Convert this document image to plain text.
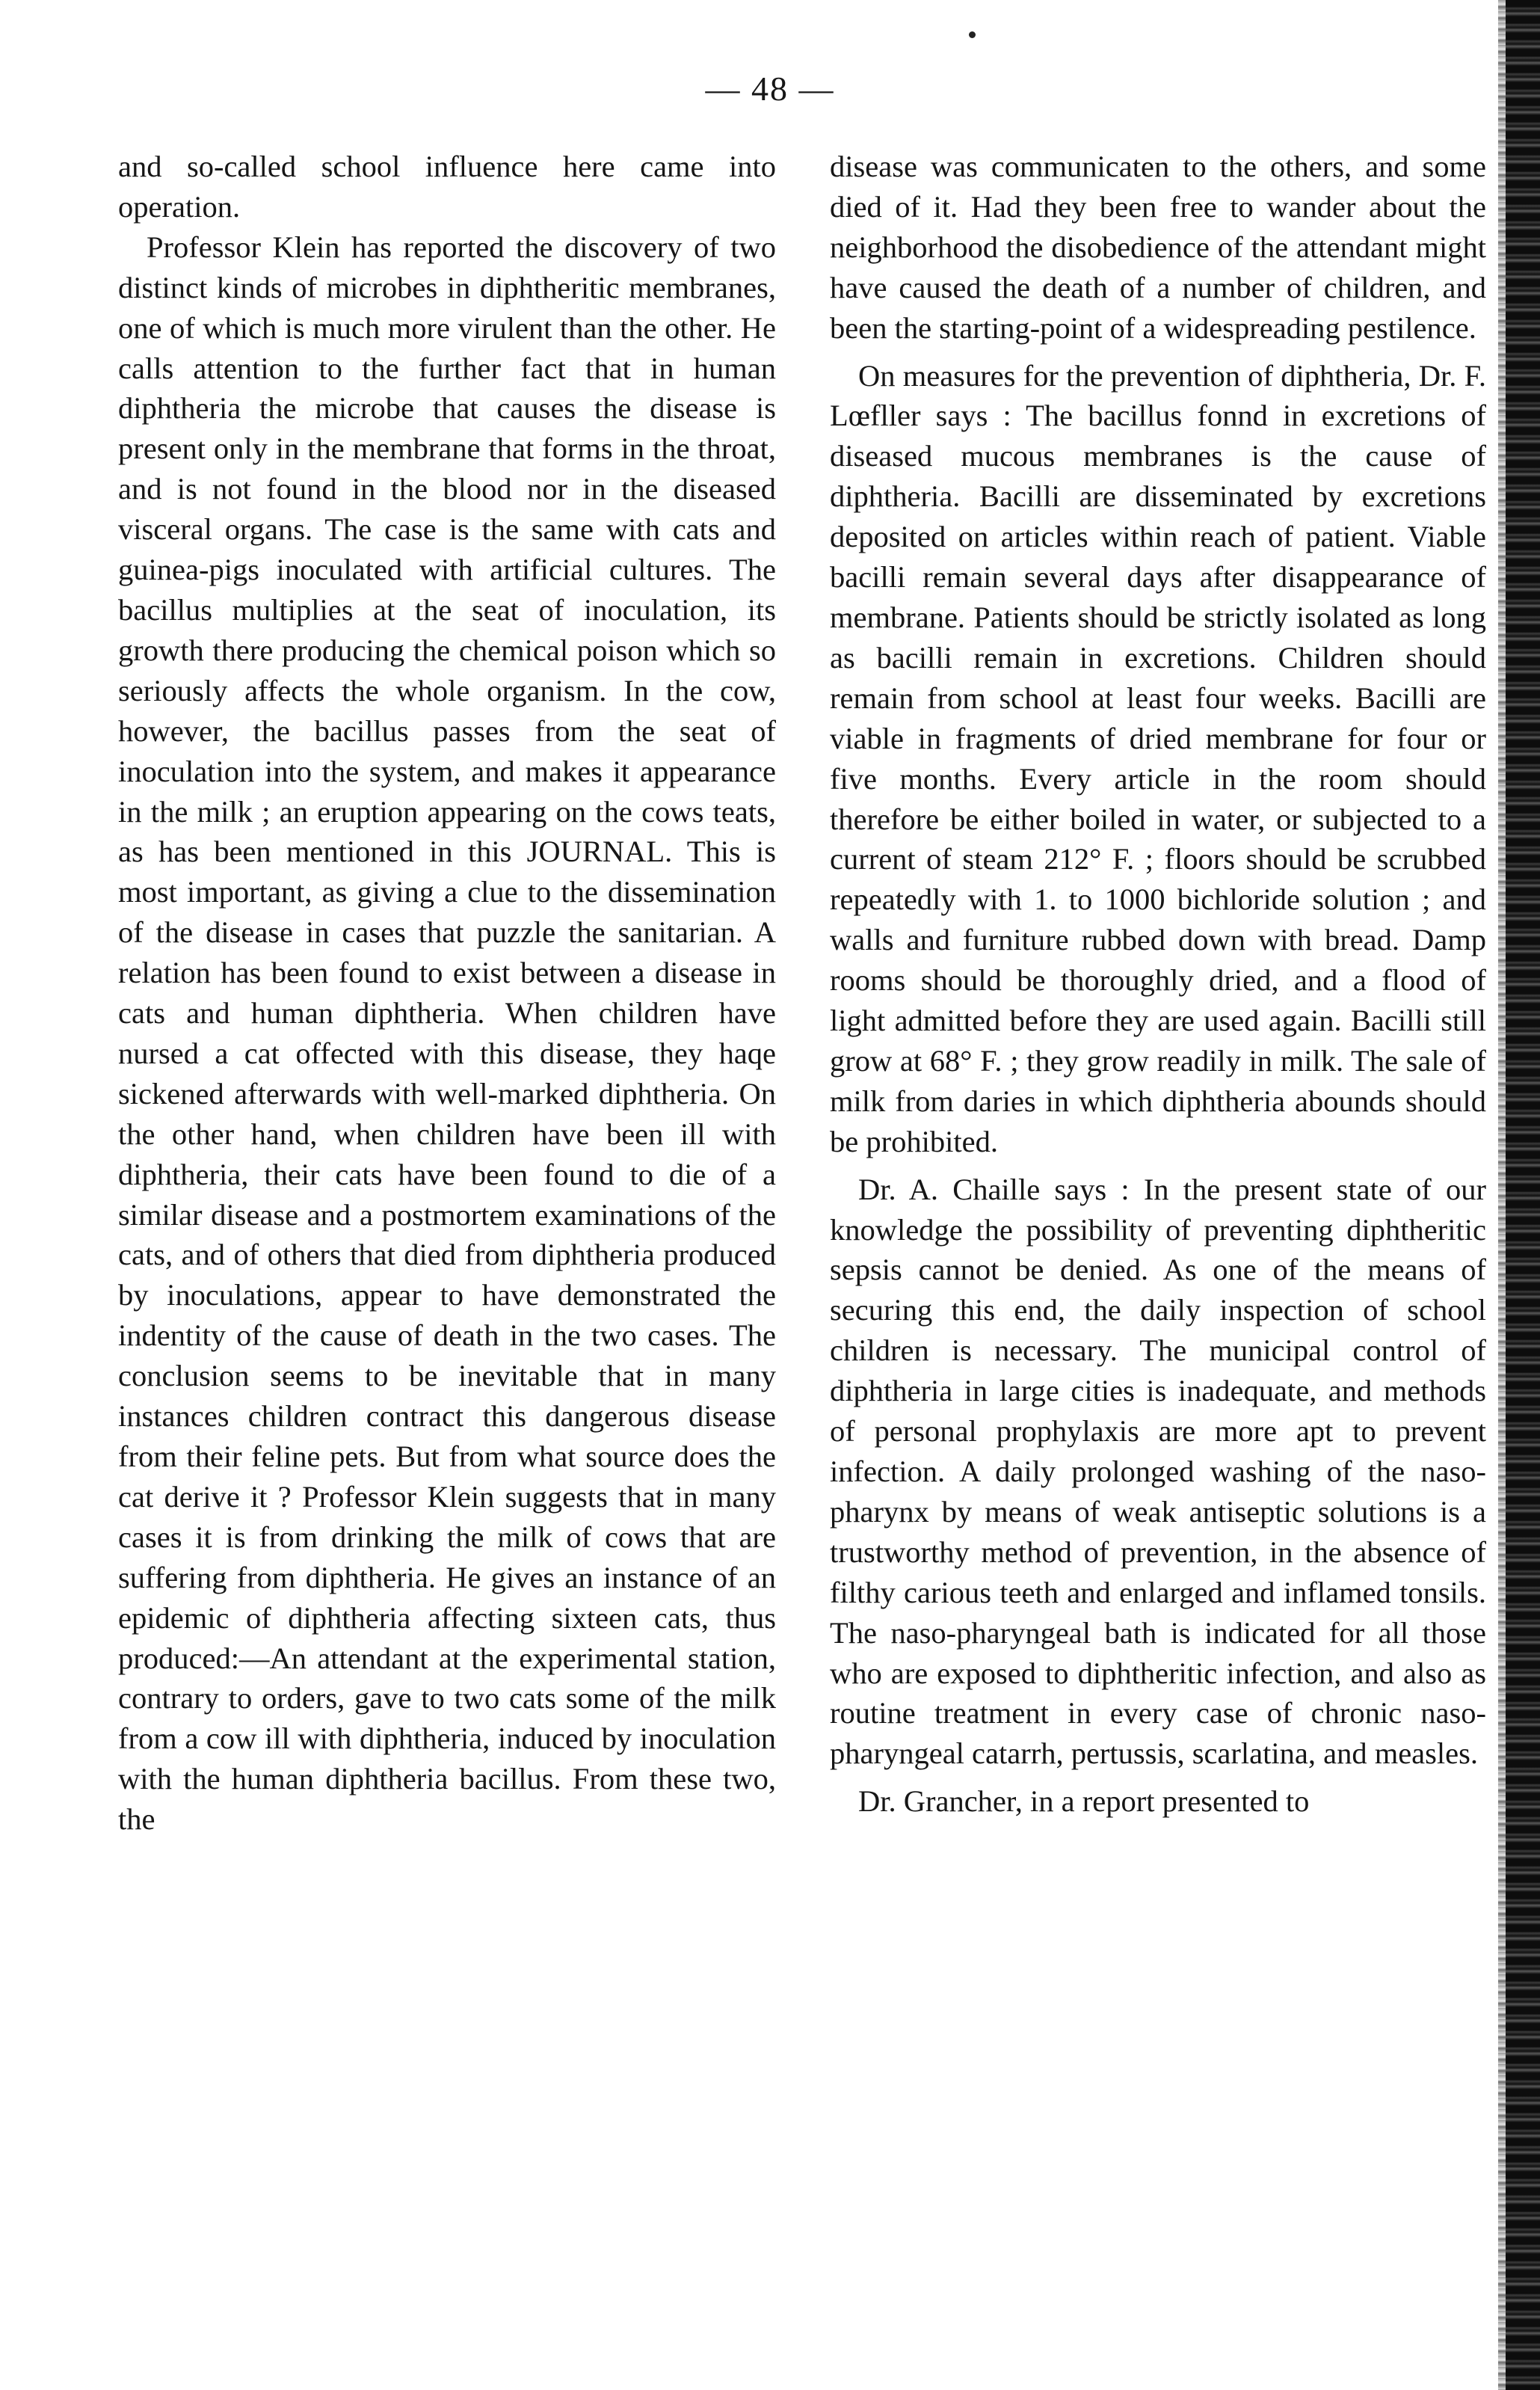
— 48 —

and so-called school influence here came into operation.

Professor Klein has reported the discovery of two distinct kinds of microbes in diphtheritic membranes, one of which is much more virulent than the other. He calls attention to the further fact that in human diphtheria the microbe that causes the disease is present only in the membrane that forms in the throat, and is not found in the blood nor in the diseased visceral organs. The case is the same with cats and guinea-pigs inoculated with artificial cultures. The bacillus multiplies at the seat of inoculation, its growth there producing the chemical poison which so seriously affects the whole organism. In the cow, however, the bacillus passes from the seat of inoculation into the system, and makes it appearance in the milk ; an eruption appearing on the cows teats, as has been mentioned in this JOURNAL. This is most important, as giving a clue to the dissemination of the disease in cases that puzzle the sanitarian. A relation has been found to exist between a disease in cats and human diphtheria. When children have nursed a cat offected with this disease, they haqe sickened afterwards with well-marked diphtheria. On the other hand, when children have been ill with diphtheria, their cats have been found to die of a similar disease and a postmortem examinations of the cats, and of others that died from diphtheria produced by inoculations, appear to have demonstrated the indentity of the cause of death in the two cases. The conclusion seems to be inevitable that in many instances children contract this dangerous disease from their feline pets. But from what source does the cat derive it ? Professor Klein suggests that in many cases it is from drinking the milk of cows that are suffering from diphtheria. He gives an instance of an epidemic of diphtheria affecting sixteen cats, thus produced:—An attendant at the experimental station, contrary to orders, gave to two cats some of the milk from a cow ill with diphtheria, induced by inoculation with the human diphtheria bacillus. From these two, the

disease was communicaten to the others, and some died of it. Had they been free to wander about the neighborhood the disobedience of the attendant might have caused the death of a number of children, and been the starting-point of a widespreading pestilence.

On measures for the prevention of diphtheria, Dr. F. Lœfller says : The bacillus fonnd in excretions of diseased mucous membranes is the cause of diphtheria. Bacilli are disseminated by excretions deposited on articles within reach of patient. Viable bacilli remain several days after disappearance of membrane. Patients should be strictly isolated as long as bacilli remain in excretions. Children should remain from school at least four weeks. Bacilli are viable in fragments of dried membrane for four or five months. Every article in the room should therefore be either boiled in water, or subjected to a current of steam 212° F. ; floors should be scrubbed repeatedly with 1. to 1000 bichloride solution ; and walls and furniture rubbed down with bread. Damp rooms should be thoroughly dried, and a flood of light admitted before they are used again. Bacilli still grow at 68° F. ; they grow readily in milk. The sale of milk from daries in which diphtheria abounds should be prohibited.

Dr. A. Chaille says : In the present state of our knowledge the possibility of preventing diphtheritic sepsis cannot be denied. As one of the means of securing this end, the daily inspection of school children is necessary. The municipal control of diphtheria in large cities is inadequate, and methods of personal prophylaxis are more apt to prevent infection. A daily prolonged washing of the naso-pharynx by means of weak antiseptic solutions is a trustworthy method of prevention, in the absence of filthy carious teeth and enlarged and inflamed tonsils. The naso-pharyngeal bath is indicated for all those who are exposed to diphtheritic infection, and also as routine treatment in every case of chronic naso-pharyngeal catarrh, pertussis, scarlatina, and measles.

Dr. Grancher, in a report presented to
